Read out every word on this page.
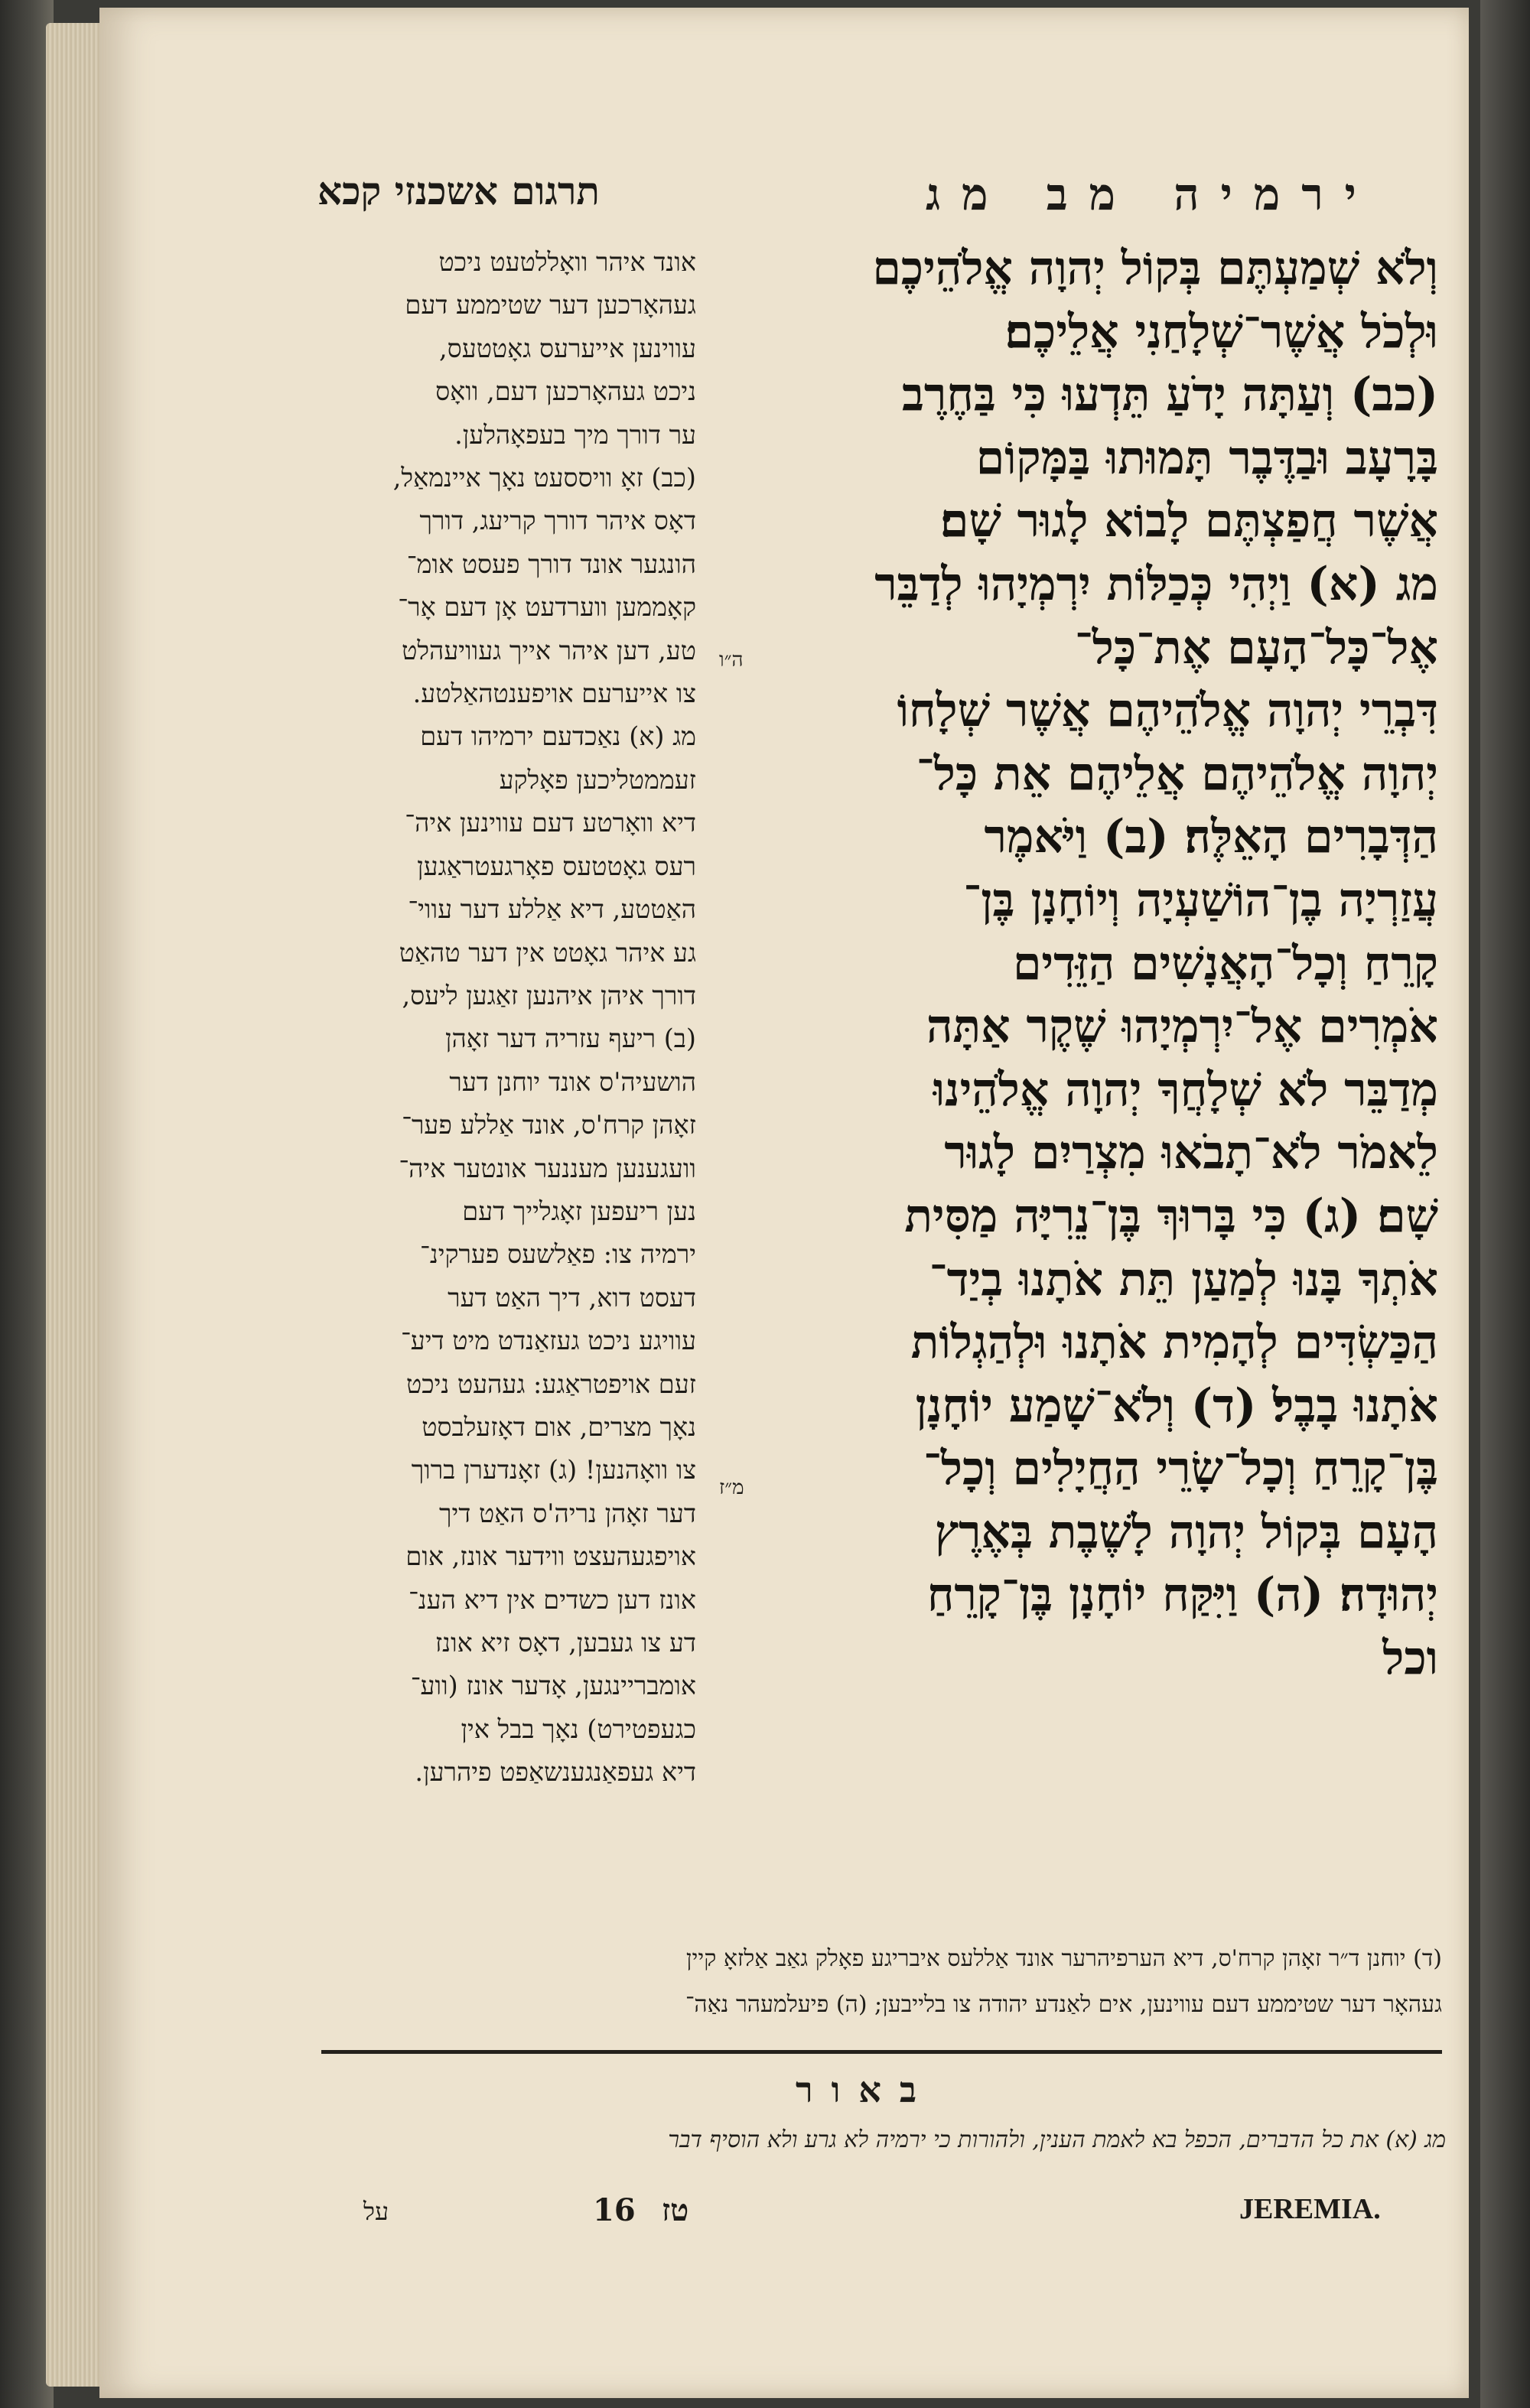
תרגום אשכנזי קכא	ירמיה מב מג
אונד איהר וואָללטעט ניכט
געהאָרכען דער שטיממע דעם
עווינען אייערעס גאָטטעס,
ניכט געהאָרכען דעם, וואָס
ער דורך מיך בעפאָהלען.
(כב) זאָ וויססעט נאָך איינמאַל,
דאָס איהר דורך קריעג, דורך
הונגער אונד דורך פעסט אומ־
קאָממען ווערדעט אָן דעם אָר־
טע, דען איהר אייך געוויעהלט
צו אייערעם אויפענטהאַלטע.
מג (א) נאַכדעם ירמיהו דעם
זעממטליכען פאָלקע
דיא וואָרטע דעם עווינען איה־
רעס גאָטטעס פאָרגעטראַגען
האַטטע, דיא אַללע דער עווי־
גע איהר גאָטט אין דער טהאַט
דורך איהן איהנען זאַגען ליעס,
(ב) ריעף עזריה דער זאָהן
הושעיה'ס אונד יוחנן דער
זאָהן קרח'ס, אונד אַללע פער־
וועגענען מעננער אונטער איה־
נען ריעפען זאָגלייך דעם
ירמיה צו: פאַלשעס פערקינ־
דעסט דוא, דיך האַט דער
עוויגע ניכט געזאַנדט מיט דיע־
זעם אויפטראַגע: געהעט ניכט
נאָך מצרים, אום דאָזעלבסט
צו וואָהנען! (ג) זאָנדערן ברוך
דער זאָהן נריה'ס האַט דיך
אויפגעהעצט ווידער אונז, אום
אונז דען כשדים אין דיא הענ־
דע צו געבען, דאָס זיא אונז
אומבריינגען, אָדער אונז (ווע־
כגעפטירט) נאָך בבל אין
דיא געפאַנגענשאַפט פיהרען.
וְלֹא שְׁמַעְתֶּם בְּקוֹל יְהוָה אֱלֹהֵיכֶם
וּלְכֹל אֲשֶׁר־שְׁלָחַנִי אֲלֵיכֶם׃
(כב) וְעַתָּה יָדֹעַ תֵּדְעוּ כִּי בַּחֶרֶב
בָּרָעָב וּבַדֶּבֶר תָּמוּתוּ בַּמָּקוֹם
אֲשֶׁר חֲפַצְתֶּם לָבוֹא לָגוּר שָׁם׃
מג (א) וַיְהִי כְּכַלּוֹת יִרְמְיָהוּ לְדַבֵּר
אֶל־כָּל־הָעָם אֶת־כָּל־
דִּבְרֵי יְהוָה אֱלֹהֵיהֶם אֲשֶׁר שְׁלָחוֹ
יְהוָה אֱלֹהֵיהֶם אֲלֵיהֶם אֵת כָּל־
הַדְּבָרִים הָאֵלֶּה׃ (ב) וַיֹּאמֶר
עֲזַרְיָה בֶן־הוֹשַׁעְיָה וְיוֹחָנָן בֶּן־
קָרֵחַ וְכָל־הָאֲנָשִׁים הַזֵּדִים
אֹמְרִים אֶל־יִרְמְיָהוּ שֶׁקֶר אַתָּה
מְדַבֵּר לֹא שְׁלָחֲךָ יְהוָה אֱלֹהֵינוּ
לֵאמֹר לֹא־תָבֹאוּ מִצְרַיִם לָגוּר
שָׁם׃ (ג) כִּי בָּרוּךְ בֶּן־נֵרִיָּה מַסִּית
אֹתְךָ בָּנוּ לְמַעַן תֵּת אֹתָנוּ בְיַד־
הַכַּשְׂדִּים לְהָמִית אֹתָנוּ וּלְהַגְלוֹת
אֹתָנוּ בָבֶל׃ (ד) וְלֹא־שָׁמַע יוֹחָנָן
בֶּן־קָרֵחַ וְכָל־שָׂרֵי הַחֲיָלִים וְכָל־
הָעָם בְּקוֹל יְהוָה לָשֶׁבֶת בְּאֶרֶץ
יְהוּדָה׃ (ה) וַיִּקַּח יוֹחָנָן בֶּן־קָרֵחַ
וכל
ה״ו
מ״ז
(ד) יוחנן ד״ר זאָהן קרח'ס, דיא הערפיהרער אונד אַללעס איבריגע פאָלק גאַב אַלזאָ קיין
געהאָר דער שטיממע דעם עווינען, אים לאַנדע יהודה צו בלייבען; (ה) פיעלמעהר נאַה־
באור
מג (א) את כל הדברים, הכפל בא לאמת הענין, ולהורות כי ירמיה לא גרע ולא הוסיף דבר
על	16 טז	JEREMIA.
